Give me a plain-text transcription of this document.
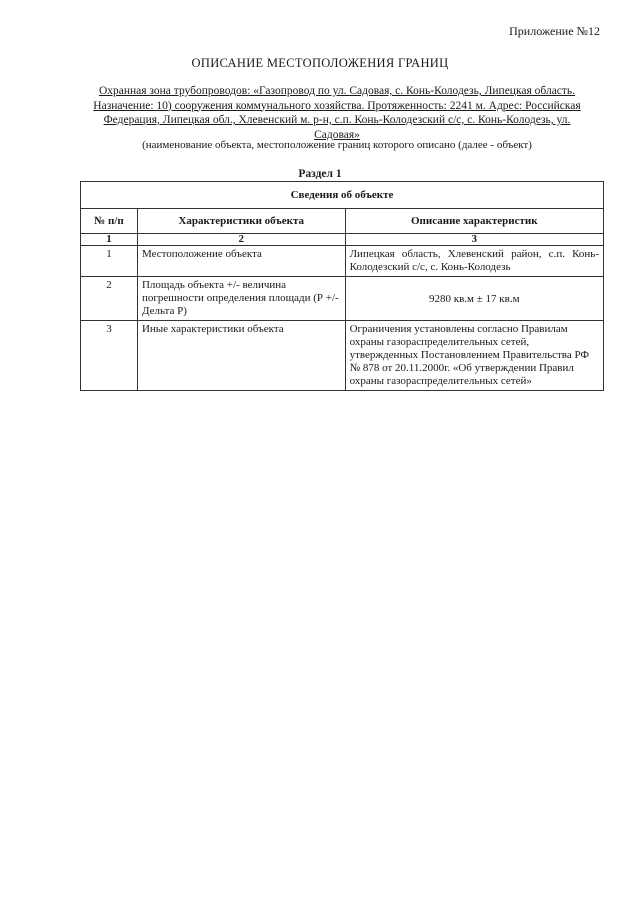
Приложение №12
ОПИСАНИЕ МЕСТОПОЛОЖЕНИЯ ГРАНИЦ
Охранная зона трубопроводов: «Газопровод по ул. Садовая, с. Конь-Колодезь, Липецкая область. Назначение: 10) сооружения коммунального хозяйства. Протяженность: 2241 м. Адрес: Российская Федерация, Липецкая обл., Хлевенский м. р-н, с.п. Конь-Колодезский с/с, с. Конь-Колодезь, ул. Садовая»
(наименование объекта, местоположение границ которого описано (далее - объект)
Раздел 1
Сведения об объекте		
№ п/п	Характеристики объекта	Описание характеристик
1	2	3
1	Местоположение объекта	Липецкая область, Хлевенский район, с.п. Конь-Колодезский с/с, с. Конь-Колодезь
2	Площадь объекта +/- величина погрешности определения площади (Р +/- Дельта Р)	9280 кв.м ± 17 кв.м
3	Иные характеристики объекта	Ограничения установлены согласно Правилам охраны газораспределительных сетей, утвержденных Постановлением Правительства РФ № 878 от 20.11.2000г. «Об утверждении Правил охраны газораспределительных сетей»
